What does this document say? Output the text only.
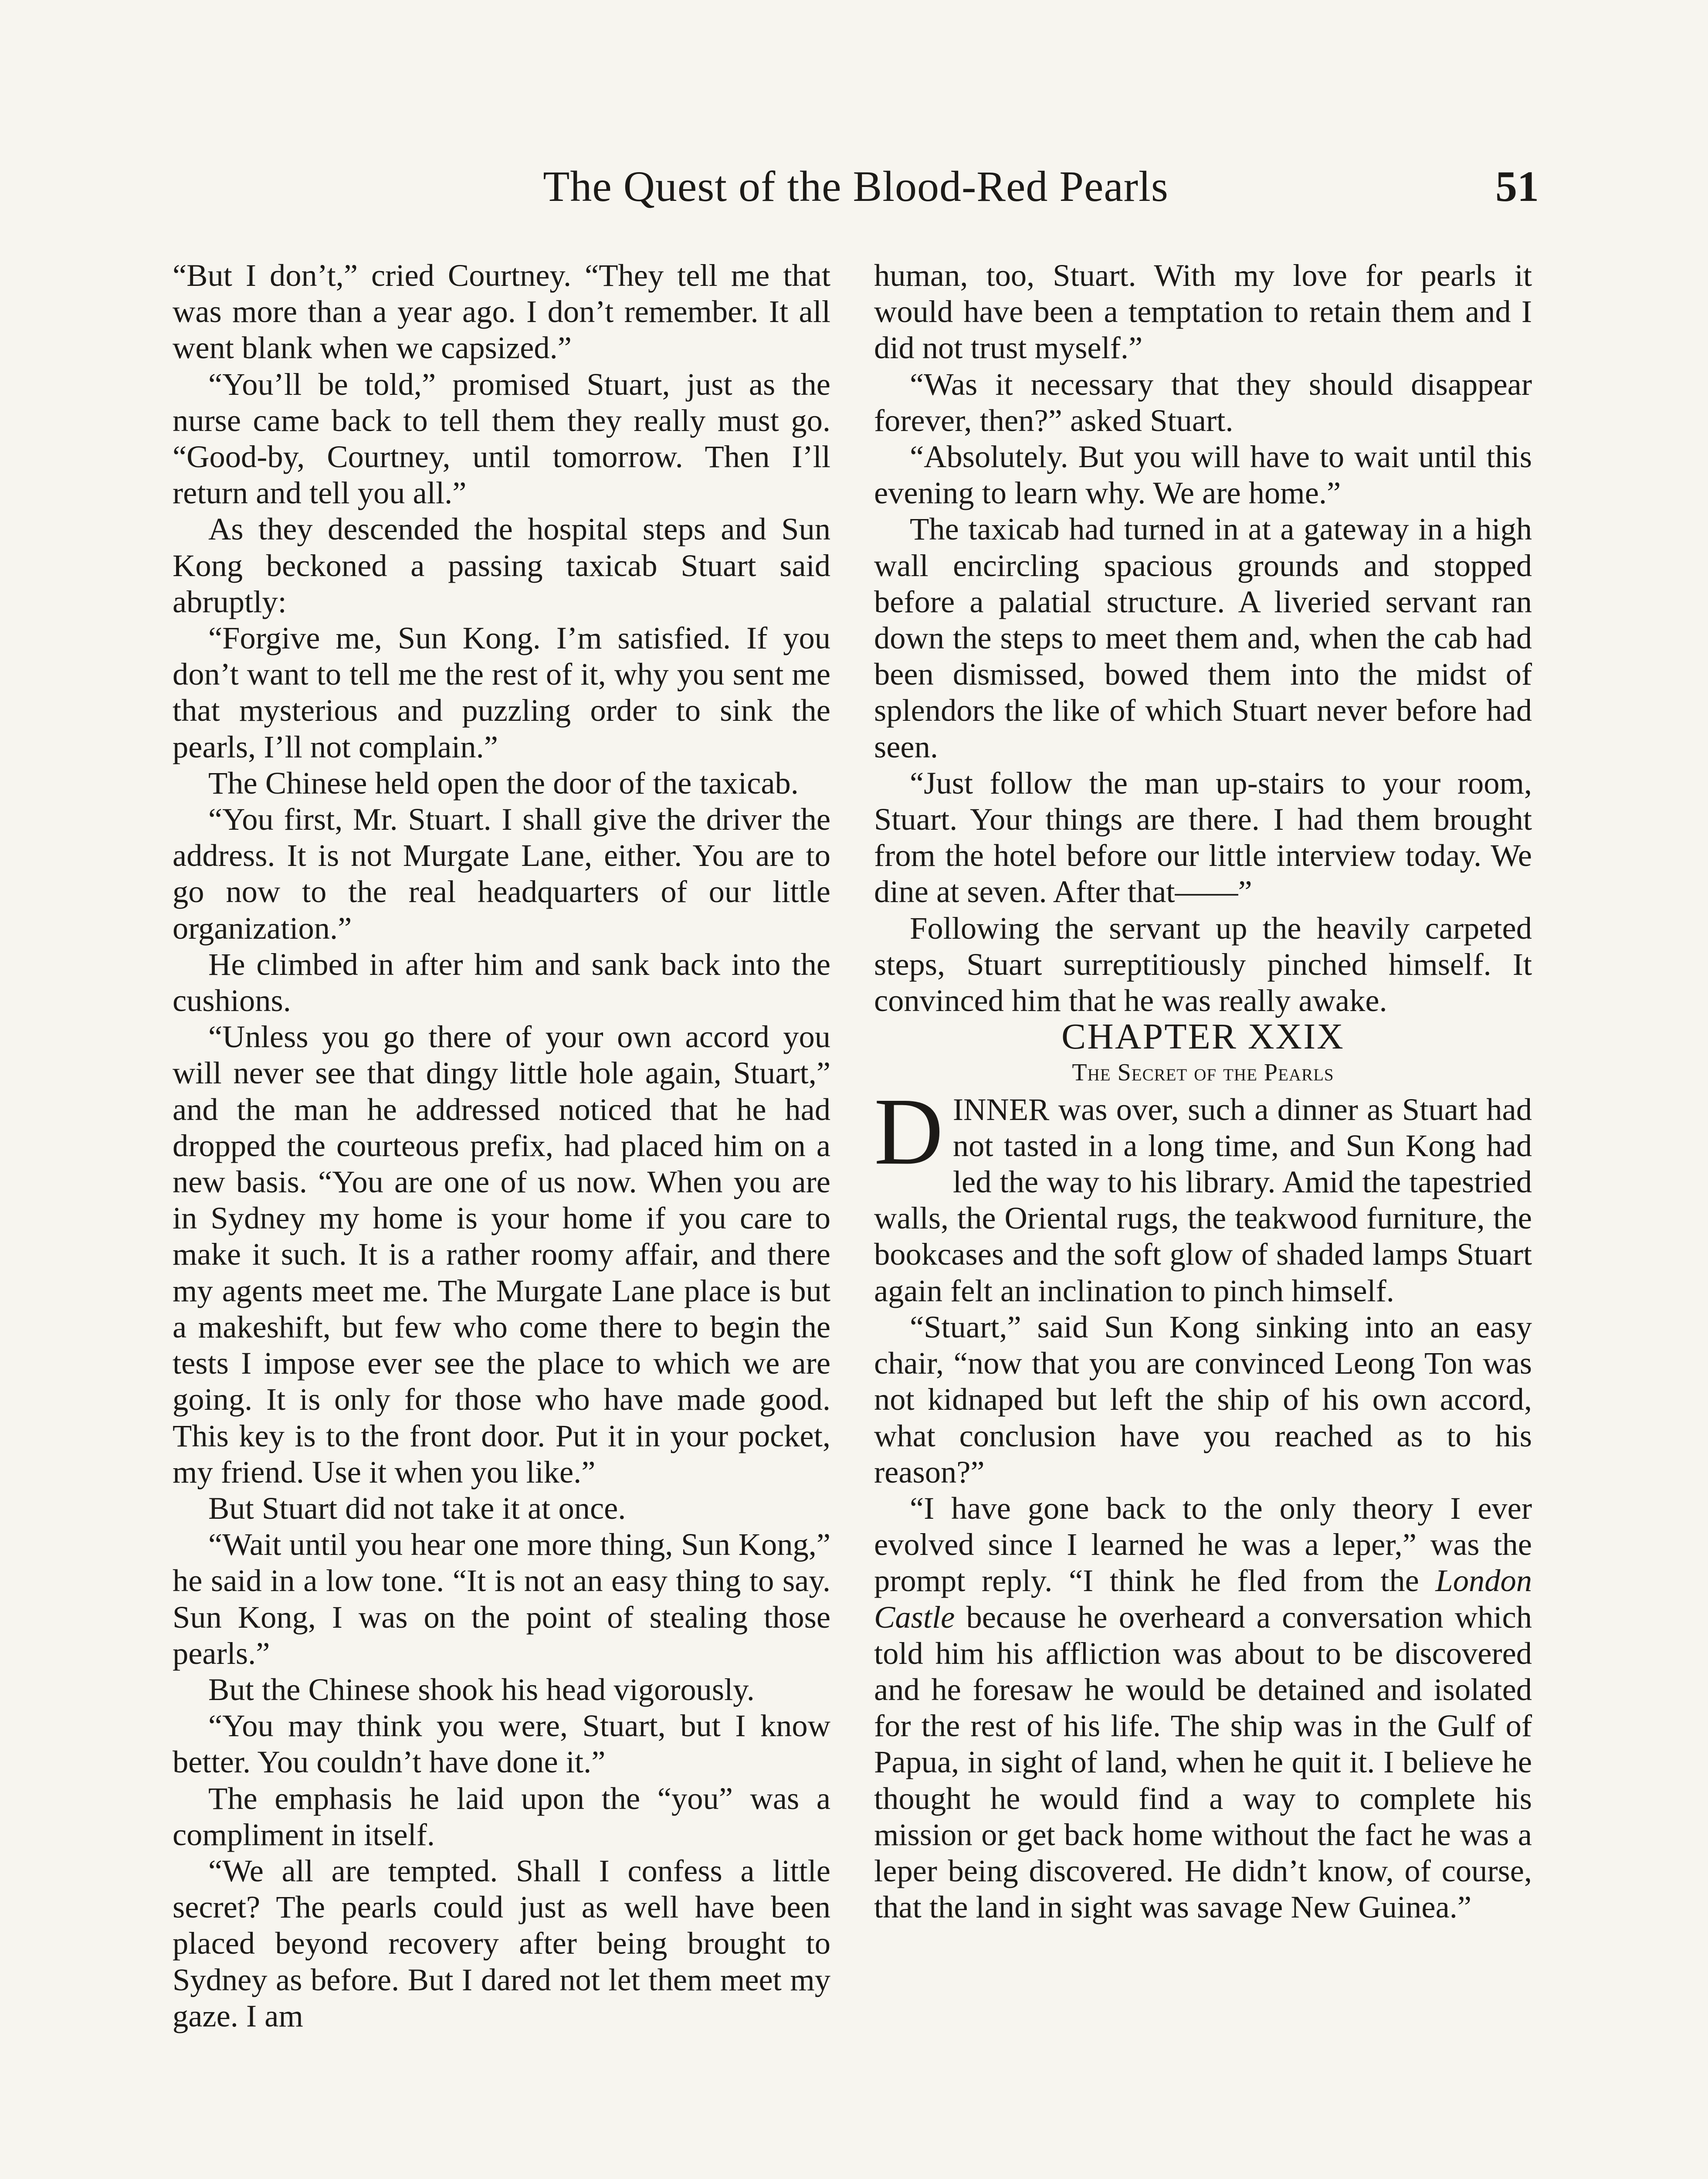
The Quest of the Blood-Red Pearls	51

“But I don’t,” cried Courtney. “They tell me that was more than a year ago. I don’t remember. It all went blank when we capsized.”

“You’ll be told,” promised Stuart, just as the nurse came back to tell them they really must go. “Good-by, Courtney, until tomorrow. Then I’ll return and tell you all.”

As they descended the hospital steps and Sun Kong beckoned a passing taxicab Stuart said abruptly:

“Forgive me, Sun Kong. I’m satisfied. If you don’t want to tell me the rest of it, why you sent me that mysterious and puzzling order to sink the pearls, I’ll not complain.”

The Chinese held open the door of the taxicab.

“You first, Mr. Stuart. I shall give the driver the address. It is not Murgate Lane, either. You are to go now to the real headquarters of our little organization.”

He climbed in after him and sank back into the cushions.

“Unless you go there of your own accord you will never see that dingy little hole again, Stuart,” and the man he addressed noticed that he had dropped the courteous prefix, had placed him on a new basis. “You are one of us now. When you are in Sydney my home is your home if you care to make it such. It is a rather roomy affair, and there my agents meet me. The Murgate Lane place is but a makeshift, but few who come there to begin the tests I impose ever see the place to which we are going. It is only for those who have made good. This key is to the front door. Put it in your pocket, my friend. Use it when you like.”

But Stuart did not take it at once.

“Wait until you hear one more thing, Sun Kong,” he said in a low tone. “It is not an easy thing to say. Sun Kong, I was on the point of stealing those pearls.”

But the Chinese shook his head vigorously.

“You may think you were, Stuart, but I know better. You couldn’t have done it.”

The emphasis he laid upon the “you” was a compliment in itself.

“We all are tempted. Shall I confess a little secret? The pearls could just as well have been placed beyond recovery after being brought to Sydney as before. But I dared not let them meet my gaze. I am

human, too, Stuart. With my love for pearls it would have been a temptation to retain them and I did not trust myself.”

“Was it necessary that they should disappear forever, then?” asked Stuart.

“Absolutely. But you will have to wait until this evening to learn why. We are home.”

The taxicab had turned in at a gateway in a high wall encircling spacious grounds and stopped before a palatial structure. A liveried servant ran down the steps to meet them and, when the cab had been dismissed, bowed them into the midst of splendors the like of which Stuart never before had seen.

“Just follow the man up-stairs to your room, Stuart. Your things are there. I had them brought from the hotel before our little interview today. We dine at seven. After that——”

Following the servant up the heavily carpeted steps, Stuart surreptitiously pinched himself. It convinced him that he was really awake.

CHAPTER XXIX

The Secret of the Pearls

DINNER was over, such a dinner as Stuart had not tasted in a long time, and Sun Kong had led the way to his library. Amid the tapestried walls, the Oriental rugs, the teakwood furniture, the bookcases and the soft glow of shaded lamps Stuart again felt an inclination to pinch himself.

“Stuart,” said Sun Kong sinking into an easy chair, “now that you are convinced Leong Ton was not kidnaped but left the ship of his own accord, what conclusion have you reached as to his reason?”

“I have gone back to the only theory I ever evolved since I learned he was a leper,” was the prompt reply. “I think he fled from the London Castle because he overheard a conversation which told him his affliction was about to be discovered and he foresaw he would be detained and isolated for the rest of his life. The ship was in the Gulf of Papua, in sight of land, when he quit it. I believe he thought he would find a way to complete his mission or get back home without the fact he was a leper being discovered. He didn’t know, of course, that the land in sight was savage New Guinea.”
